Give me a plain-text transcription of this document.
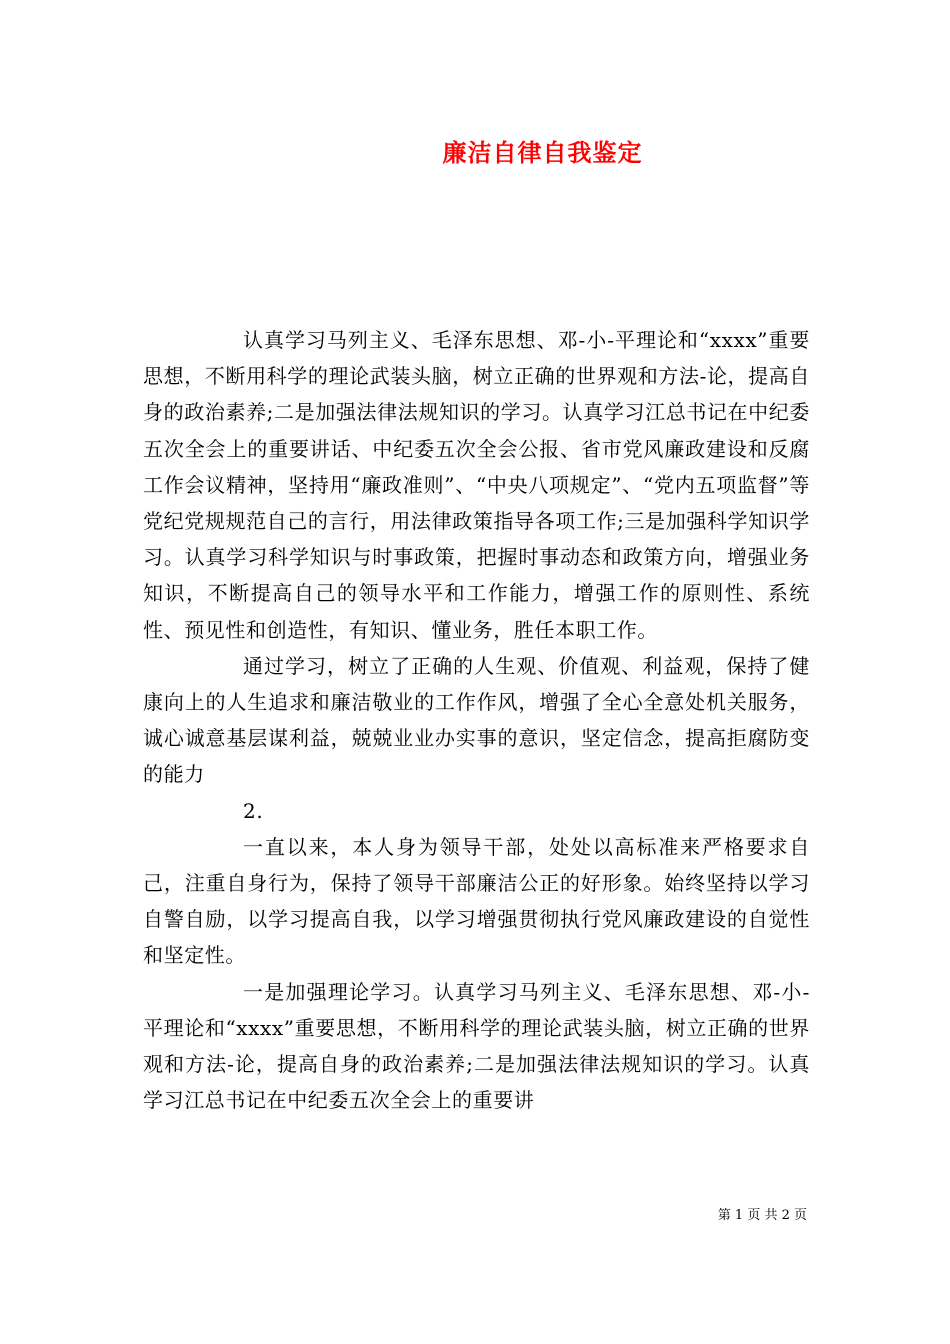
廉洁自律自我鉴定

认真学习马列主义、毛泽东思想、邓-小-平理论和“xxxx”重要思想，不断用科学的理论武装头脑，树立正确的世界观和方法-论，提高自身的政治素养;二是加强法律法规知识的学习。认真学习江总书记在中纪委五次全会上的重要讲话、中纪委五次全会公报、省市党风廉政建设和反腐工作会议精神，坚持用“廉政准则”、“中央八项规定”、“党内五项监督”等党纪党规规范自己的言行，用法律政策指导各项工作;三是加强科学知识学习。认真学习科学知识与时事政策，把握时事动态和政策方向，增强业务知识，不断提高自己的领导水平和工作能力，增强工作的原则性、系统性、预见性和创造性，有知识、懂业务，胜任本职工作。

通过学习，树立了正确的人生观、价值观、利益观，保持了健康向上的人生追求和廉洁敬业的工作作风，增强了全心全意处机关服务，诚心诚意基层谋利益，兢兢业业办实事的意识，坚定信念，提高拒腐防变的能力

2.

一直以来，本人身为领导干部，处处以高标准来严格要求自己，注重自身行为，保持了领导干部廉洁公正的好形象。始终坚持以学习自警自励，以学习提高自我，以学习增强贯彻执行党风廉政建设的自觉性和坚定性。

一是加强理论学习。认真学习马列主义、毛泽东思想、邓-小-平理论和“xxxx”重要思想，不断用科学的理论武装头脑，树立正确的世界观和方法-论，提高自身的政治素养;二是加强法律法规知识的学习。认真学习江总书记在中纪委五次全会上的重要讲

第 1 页 共 2 页
